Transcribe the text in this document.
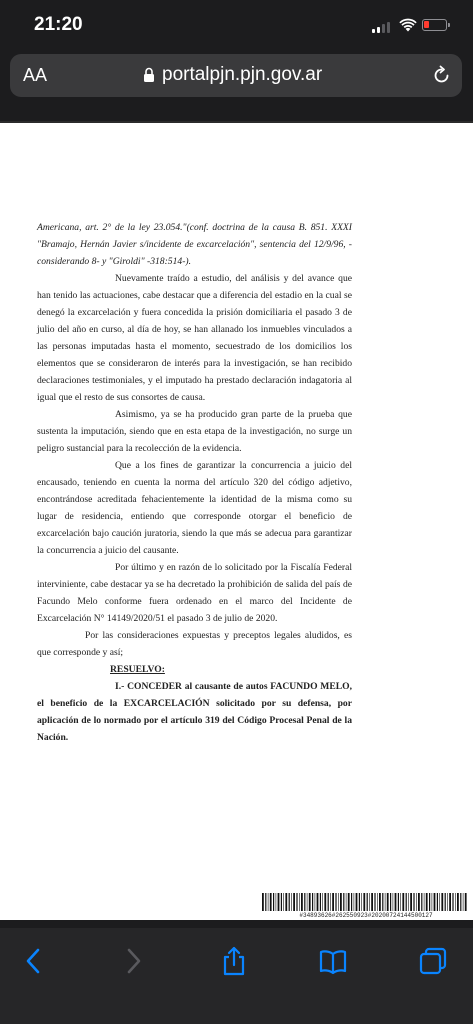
21:20
AA	portalpjn.pjn.gov.ar

Americana, art. 2° de la ley 23.054."(conf. doctrina de la causa B. 851. XXXI "Bramajo, Hernán Javier s/incidente de excarcelación", sentencia del 12/9/96, -considerando 8- y "Giroldi" -318:514-).

Nuevamente traído a estudio, del análisis y del avance que han tenido las actuaciones, cabe destacar que a diferencia del estadio en la cual se denegó la excarcelación y fuera concedida la prisión domiciliaria el pasado 3 de julio del año en curso, al día de hoy, se han allanado los inmuebles vinculados a las personas imputadas hasta el momento, secuestrado de los domicilios los elementos que se consideraron de interés para la investigación, se han recibido declaraciones testimoniales, y el imputado ha prestado declaración indagatoria al igual que el resto de sus consortes de causa.

Asimismo, ya se ha producido gran parte de la prueba que sustenta la imputación, siendo que en esta etapa de la investigación, no surge un peligro sustancial para la recolección de la evidencia.

Que a los fines de garantizar la concurrencia a juicio del encausado, teniendo en cuenta la norma del artículo 320 del código adjetivo, encontrándose acreditada fehacientemente la identidad de la misma como su lugar de residencia, entiendo que corresponde otorgar el beneficio de excarcelación bajo caución juratoria, siendo la que más se adecua para garantizar la concurrencia a juicio del causante.

Por último y en razón de lo solicitado por la Fiscalía Federal interviniente, cabe destacar ya se ha decretado la prohibición de salida del país de Facundo Melo conforme fuera ordenado en el marco del Incidente de Excarcelación N° 14149/2020/51 el pasado 3 de julio de 2020.

Por las consideraciones expuestas y preceptos legales aludidos, es que corresponde y así;

RESUELVO:

I.- CONCEDER al causante de autos FACUNDO MELO, el beneficio de la EXCARCELACIÓN solicitado por su defensa, por aplicación de lo normado por el artículo 319 del Código Procesal Penal de la Nación.

#34893626#262550923#20200724144500127
